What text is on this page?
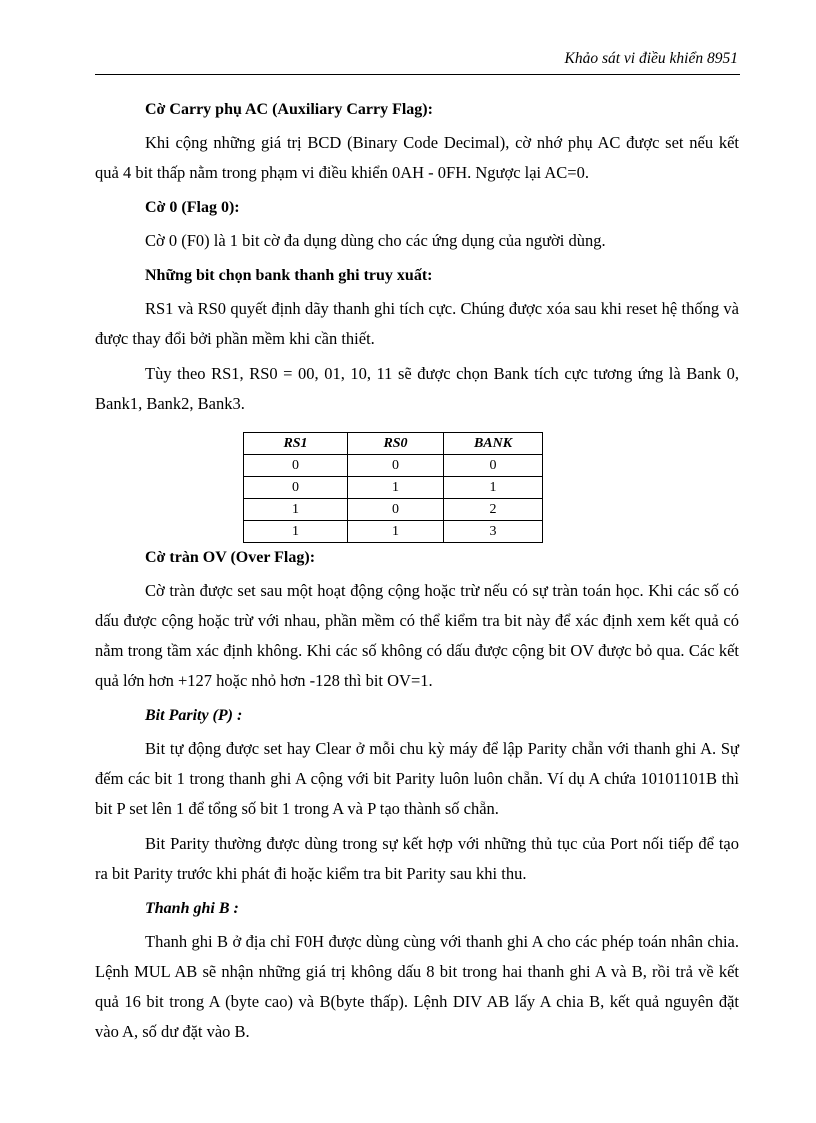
Khảo sát vi điều khiển 8951
Cờ Carry phụ AC (Auxiliary Carry Flag):

Khi cộng những giá trị BCD (Binary Code Decimal), cờ nhớ phụ AC được set nếu kết quả 4 bit thấp nằm trong phạm vi điều khiển 0AH - 0FH. Ngược lại AC=0.

Cờ 0 (Flag 0):

Cờ 0 (F0) là 1 bit cờ đa dụng dùng cho các ứng dụng của người dùng.

Những bit chọn bank thanh ghi truy xuất:

RS1 và RS0 quyết định dãy thanh ghi tích cực. Chúng được xóa sau khi reset hệ thống và được thay đổi bởi phần mềm khi cần thiết.

Tùy theo RS1, RS0 = 00, 01, 10, 11 sẽ được chọn Bank tích cực tương ứng là Bank 0, Bank1, Bank2, Bank3.

RS1	RS0	BANK
0	0	0
0	1	1
1	0	2
1	1	3
Cờ tràn OV (Over Flag):

Cờ tràn được set sau một hoạt động cộng hoặc trừ nếu có sự tràn toán học. Khi các số có dấu được cộng hoặc trừ với nhau, phần mềm có thể kiểm tra bit này để xác định xem kết quả có nằm trong tầm xác định không. Khi các số không có dấu được cộng bit OV được bỏ qua. Các kết quả lớn hơn +127 hoặc nhỏ hơn -128 thì bit OV=1.

Bit Parity (P) :

Bit tự động được set hay Clear ở mỗi chu kỳ máy để lập Parity chẵn với thanh ghi A. Sự đếm các bit 1 trong thanh ghi A cộng với bit Parity luôn luôn chẵn. Ví dụ A chứa 10101101B thì bit P set lên 1 để tổng số bit 1 trong A và P tạo thành số chẵn.

Bit Parity thường được dùng trong sự kết hợp với những thủ tục của Port nối tiếp để tạo ra bit Parity trước khi phát đi hoặc kiểm tra bit Parity sau khi thu.

Thanh ghi B :

Thanh ghi B ở địa chỉ F0H được dùng cùng với thanh ghi A cho các phép toán nhân chia. Lệnh MUL AB sẽ nhận những giá trị không dấu 8 bit trong hai thanh ghi A và B, rồi trả về kết quả 16 bit trong A (byte cao) và B(byte thấp). Lệnh DIV AB lấy A chia B, kết quả nguyên đặt vào A, số dư đặt vào B.
